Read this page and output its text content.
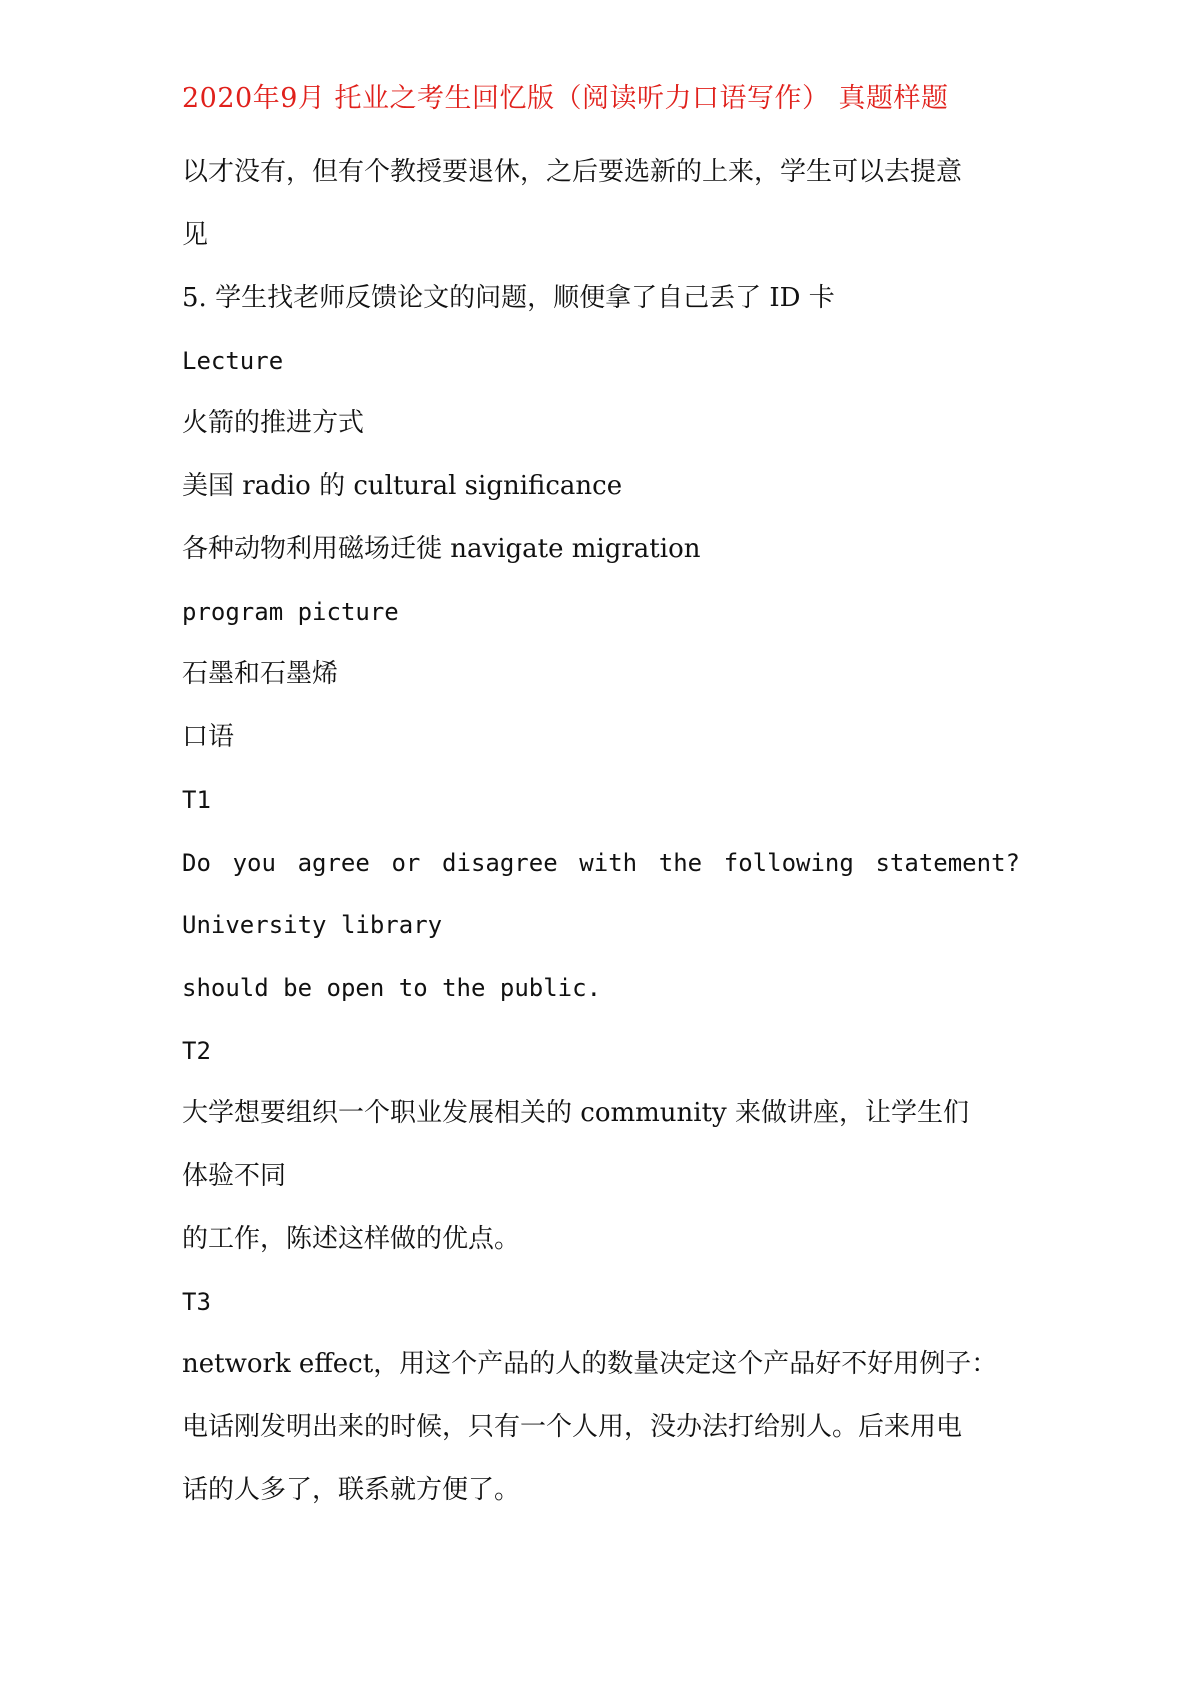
2020年9月 托业之考生回忆版（阅读听力口语写作） 真题样题
以才没有，但有个教授要退休，之后要选新的上来，学生可以去提意
见
5. 学生找老师反馈论文的问题，顺便拿了自己丢了 ID 卡
Lecture
火箭的推进方式
美国 radio 的 cultural significance
各种动物利用磁场迁徙 navigate migration
program picture
石墨和石墨烯
口语
T1
Do you agree or disagree with the following statement?
University library
should be open to the public.
T2
大学想要组织一个职业发展相关的 community 来做讲座，让学生们
体验不同
的工作，陈述这样做的优点。
T3
network effect，用这个产品的人的数量决定这个产品好不好用例子：
电话刚发明出来的时候，只有一个人用，没办法打给别人。后来用电
话的人多了，联系就方便了。
